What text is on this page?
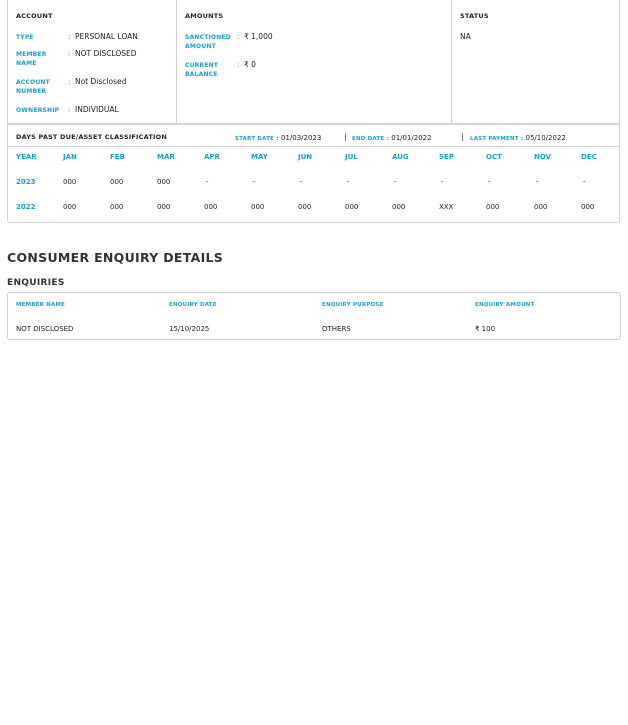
ACCOUNT
TYPE	: PERSONAL LOAN
MEMBER NAME
: NOT DISCLOSED
ACCOUNT NUMBER
: Not Disclosed
OWNERSHIP	: INDIVIDUAL
AMOUNTS
SANCTIONED AMOUNT
: ₹ 1,000
CURRENT BALANCE
: ₹ 0
STATUS
NA
DAYS PAST DUE/ASSET CLASSIFICATION	START DATE : 01/03/2023	| END DATE : 01/01/2022	| LAST PAYMENT : 05/10/2022
YEAR	JAN	FEB	MAR	APR	MAY	JUN	JUL	AUG	SEP	OCT	NOV	DEC
2023	000	000	000	-	-	-	-	-	-	-	-	-
2022	000	000	000	000	000	000	000	000	XXX	000	000	000
CONSUMER ENQUIRY DETAILS
ENQUIRIES
MEMBER NAME	ENQUIRY DATE	ENQUIRY PURPOSE	ENQUIRY AMOUNT
NOT DISCLOSED	15/10/2025	OTHERS	₹ 100
